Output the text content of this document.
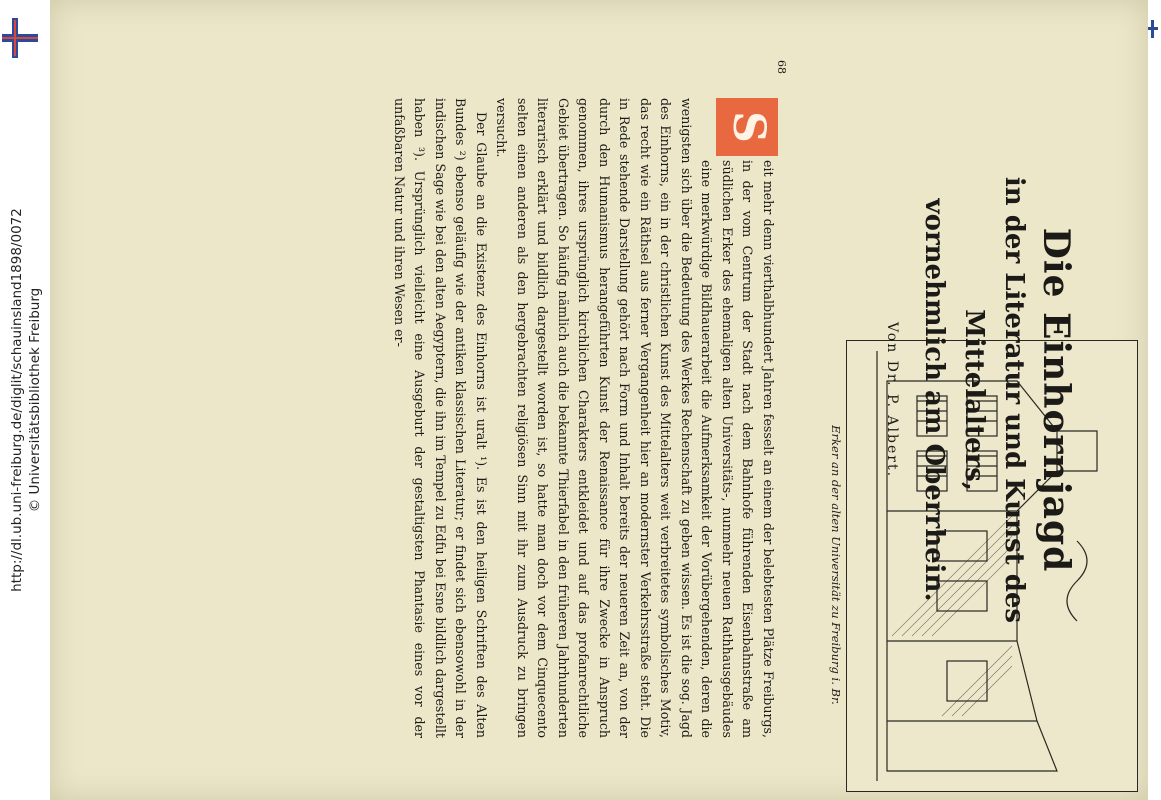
http://dl.ub.uni-freiburg.de/diglit/schauinsland1898/0072 © Universitätsbibliothek Freiburg
Erker an der alten Universität zu Freiburg i. Br.	Die Einhornjagd
in der Literatur und Kunst des
Mittelalters,
vornehmlich am Oberrhein.
Von Dr. P. Albert.

eit mehr denn vierthalbhundert Jahren fesselt an einem der belebtesten Plätze Freiburgs, in der vom Centrum der Stadt nach dem Bahnhofe führenden Eisenbahnstraße am südlichen Erker des ehemaligen alten Universitäts-, nunmehr neuen Rathhausgebäudes eine merkwürdige Bildhauerarbeit die Aufmerksamkeit der Vorübergehenden, deren die wenigsten sich über die Bedeutung des Werkes Rechenschaft zu geben wissen. Es ist die sog. Jagd des Einhorns, ein in der christlichen Kunst des Mittelalters weit verbreitetes symbolisches Motiv, das recht wie ein Räthsel aus ferner Vergangenheit hier an modernster Verkehrsstraße steht. Die in Rede stehende Darstellung gehört nach Form und Inhalt bereits der neueren Zeit an, von der durch den Humanismus herangeführten Kunst der Renaissance für ihre Zwecke in Anspruch genommen, ihres ursprünglich kirchlichen Charakters entkleidet und auf das profanrechtliche Gebiet übertragen. So häufig nämlich auch die bekannte Thierfabel in den früheren Jahrhunderten literarisch erklärt und bildlich dargestellt worden ist, so hatte man doch vor dem Cinquecento selten einen anderen als den hergebrachten religiösen Sinn mit ihr zum Ausdruck zu bringen versucht.

Der Glaube an die Existenz des Einhorns ist uralt ¹). Es ist den heiligen Schriften des Alten Bundes ²) ebenso geläufig wie der antiken klassischen Literatur; er findet sich ebensowohl in der indischen Sage wie bei den alten Aegyptern, die ihn im Tempel zu Edfu bei Esne bildlich dargestellt haben ³). Ursprünglich vielleicht eine Ausgeburt der gestaltigsten Phantasie eines vor der unfaßbaren Natur und ihren Wesen er-	S
68
